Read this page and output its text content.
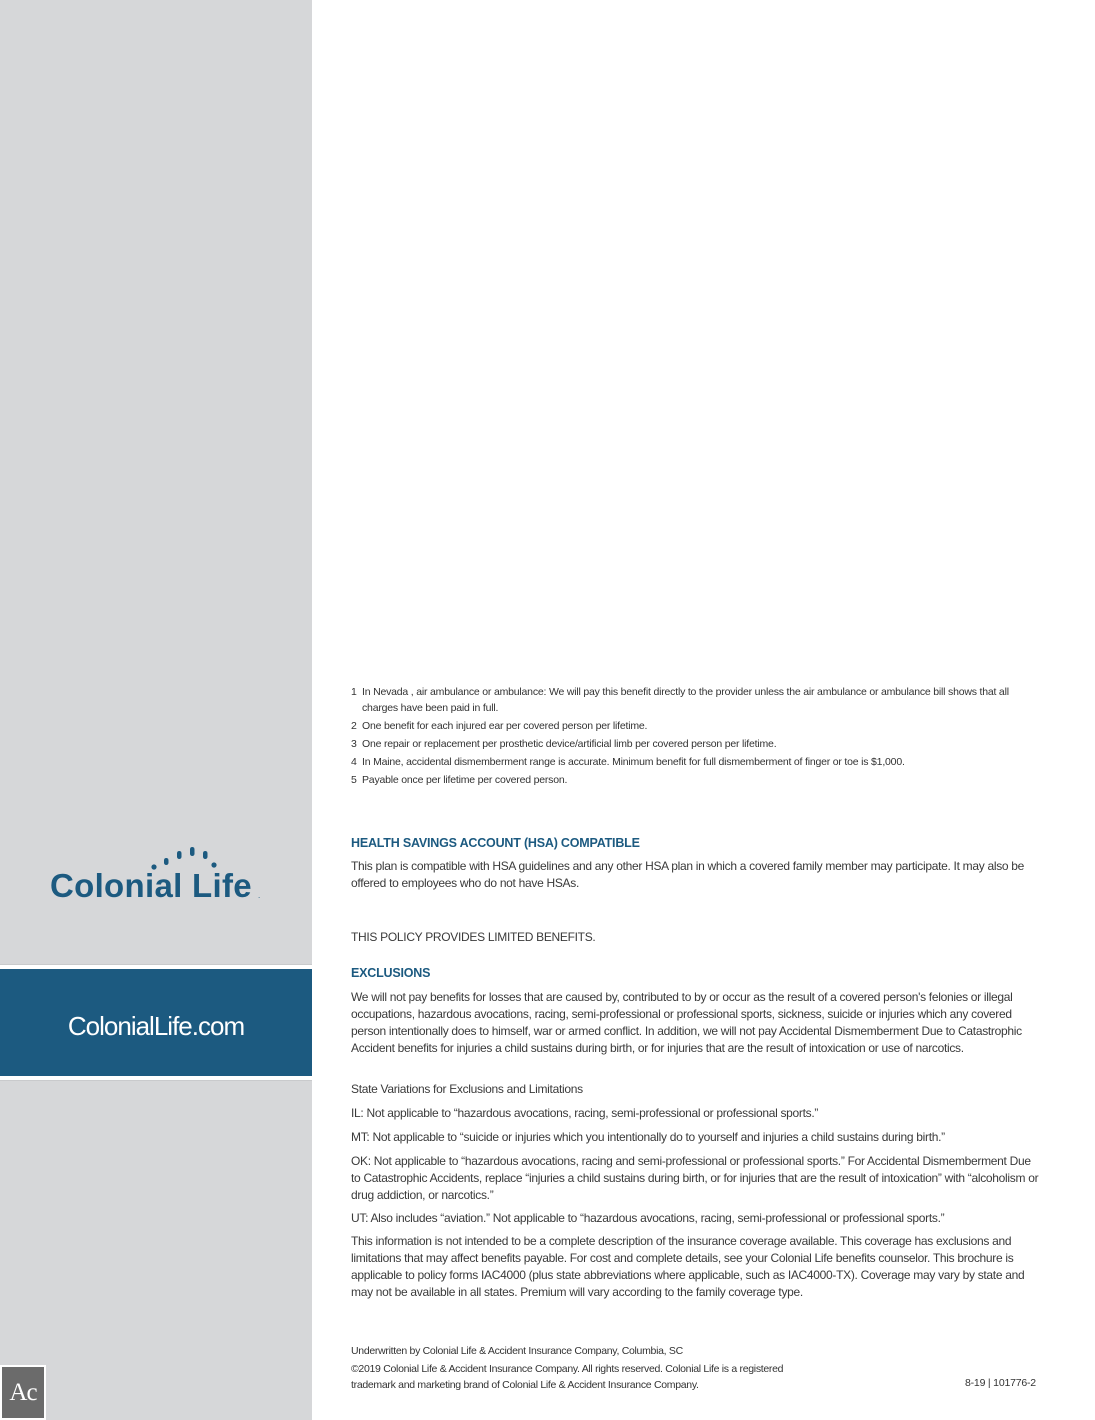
Colonial Life .
ColonialLife.com
Ac
1 In Nevada , air ambulance or ambulance: We will pay this benefit directly to the provider unless the air ambulance or ambulance bill shows that all charges have been paid in full.
2 One benefit for each injured ear per covered person per lifetime.
3 One repair or replacement per prosthetic device/artificial limb per covered person per lifetime.
4 In Maine, accidental dismemberment range is accurate. Minimum benefit for full dismemberment of finger or toe is $1,000.
5 Payable once per lifetime per covered person.
HEALTH SAVINGS ACCOUNT (HSA) COMPATIBLE
This plan is compatible with HSA guidelines and any other HSA plan in which a covered family member may participate. It may also be offered to employees who do not have HSAs.
THIS POLICY PROVIDES LIMITED BENEFITS.
EXCLUSIONS
We will not pay benefits for losses that are caused by, contributed to by or occur as the result of a covered person's felonies or illegal occupations, hazardous avocations, racing, semi-professional or professional sports, sickness, suicide or injuries which any covered person intentionally does to himself, war or armed conflict. In addition, we will not pay Accidental Dismemberment Due to Catastrophic Accident benefits for injuries a child sustains during birth, or for injuries that are the result of intoxication or use of narcotics.
State Variations for Exclusions and Limitations
IL: Not applicable to “hazardous avocations, racing, semi-professional or professional sports.”
MT: Not applicable to “suicide or injuries which you intentionally do to yourself and injuries a child sustains during birth.”
OK: Not applicable to “hazardous avocations, racing and semi-professional or professional sports.” For Accidental Dismemberment Due to Catastrophic Accidents, replace “injuries a child sustains during birth, or for injuries that are the result of intoxication” with “alcoholism or drug addiction, or narcotics.”
UT: Also includes “aviation.” Not applicable to “hazardous avocations, racing, semi-professional or professional sports.”
This information is not intended to be a complete description of the insurance coverage available. This coverage has exclusions and limitations that may affect benefits payable. For cost and complete details, see your Colonial Life benefits counselor. This brochure is applicable to policy forms IAC4000 (plus state abbreviations where applicable, such as IAC4000-TX). Coverage may vary by state and may not be available in all states. Premium will vary according to the family coverage type.
Underwritten by Colonial Life & Accident Insurance Company, Columbia, SC
©2019 Colonial Life & Accident Insurance Company. All rights reserved. Colonial Life is a registered trademark and marketing brand of Colonial Life & Accident Insurance Company.	8-19 | 101776-2
